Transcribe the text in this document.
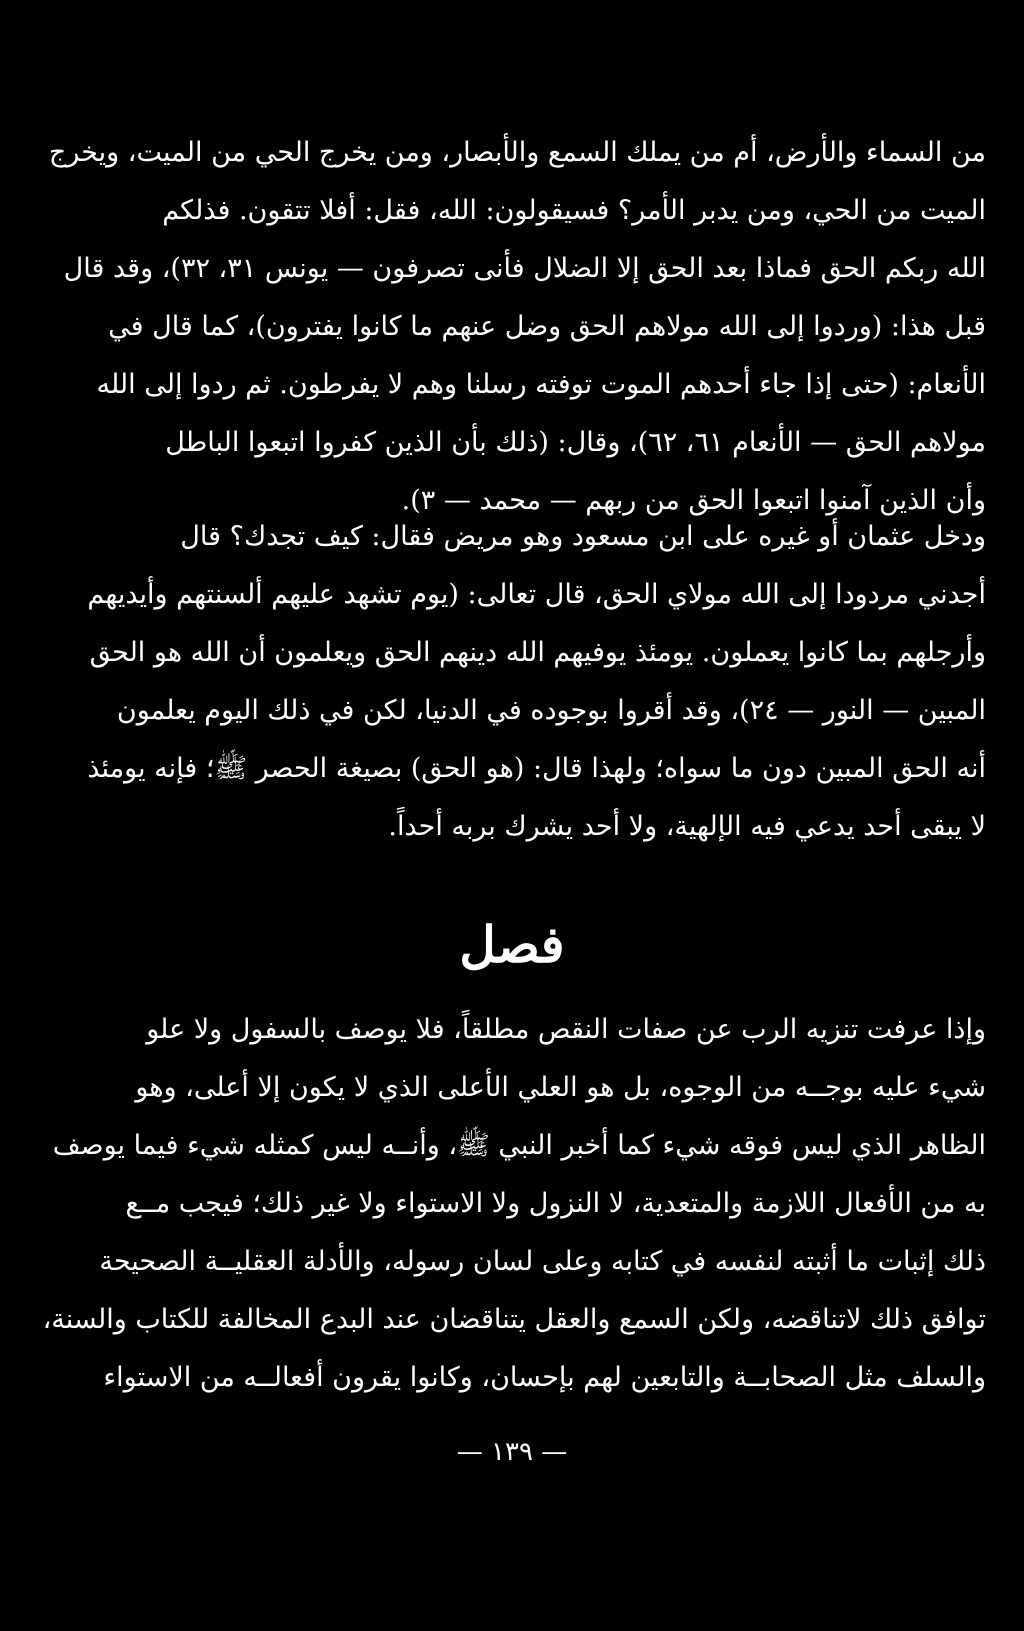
من السماء والأرض، أم من يملك السمع والأبصار، ومن يخرج الحي من الميت، ويخرج
الميت من الحي، ومن يدبر الأمر؟ فسيقولون: الله، فقل: أفلا تتقون. فذلكم
الله ربكم الحق فماذا بعد الحق إلا الضلال فأنى تصرفون — يونس ٣١، ٣٢)، وقد قال
قبل هذا: (وردوا إلى الله مولاهم الحق وضل عنهم ما كانوا يفترون)، كما قال في
الأنعام: (حتى إذا جاء أحدهم الموت توفته رسلنا وهم لا يفرطون. ثم ردوا إلى الله
مولاهم الحق — الأنعام ٦١، ٦٢)، وقال: (ذلك بأن الذين كفروا اتبعوا الباطل
وأن الذين آمنوا اتبعوا الحق من ربهم — محمد — ٣).
ودخل عثمان أو غيره على ابن مسعود وهو مريض فقال: كيف تجدك؟ قال
أجدني مردودا إلى الله مولاي الحق، قال تعالى: (يوم تشهد عليهم ألسنتهم وأيديهم
وأرجلهم بما كانوا يعملون. يومئذ يوفيهم الله دينهم الحق ويعلمون أن الله هو الحق
المبين — النور — ٢٤)، وقد أقروا بوجوده في الدنيا، لكن في ذلك اليوم يعلمون
أنه الحق المبين دون ما سواه؛ ولهذا قال: (هو الحق) بصيغة الحصر ﷺ؛ فإنه يومئذ
لا يبقى أحد يدعي فيه الإلهية، ولا أحد يشرك بربه أحداً.
فصل
وإذا عرفت تنزيه الرب عن صفات النقص مطلقاً، فلا يوصف بالسفول ولا علو
شيء عليه بوجــه من الوجوه، بل هو العلي الأعلى الذي لا يكون إلا أعلى، وهو
الظاهر الذي ليس فوقه شيء كما أخبر النبي ﷺ، وأنــه ليس كمثله شيء فيما يوصف
به من الأفعال اللازمة والمتعدية، لا النزول ولا الاستواء ولا غير ذلك؛ فيجب مــع
ذلك إثبات ما أثبته لنفسه في كتابه وعلى لسان رسوله، والأدلة العقليــة الصحيحة
توافق ذلك لاتناقضه، ولكن السمع والعقل يتناقضان عند البدع المخالفة للكتاب والسنة،
والسلف مثل الصحابــة والتابعين لهم بإحسان، وكانوا يقرون أفعالــه من الاستواء
— ١٣٩ —
